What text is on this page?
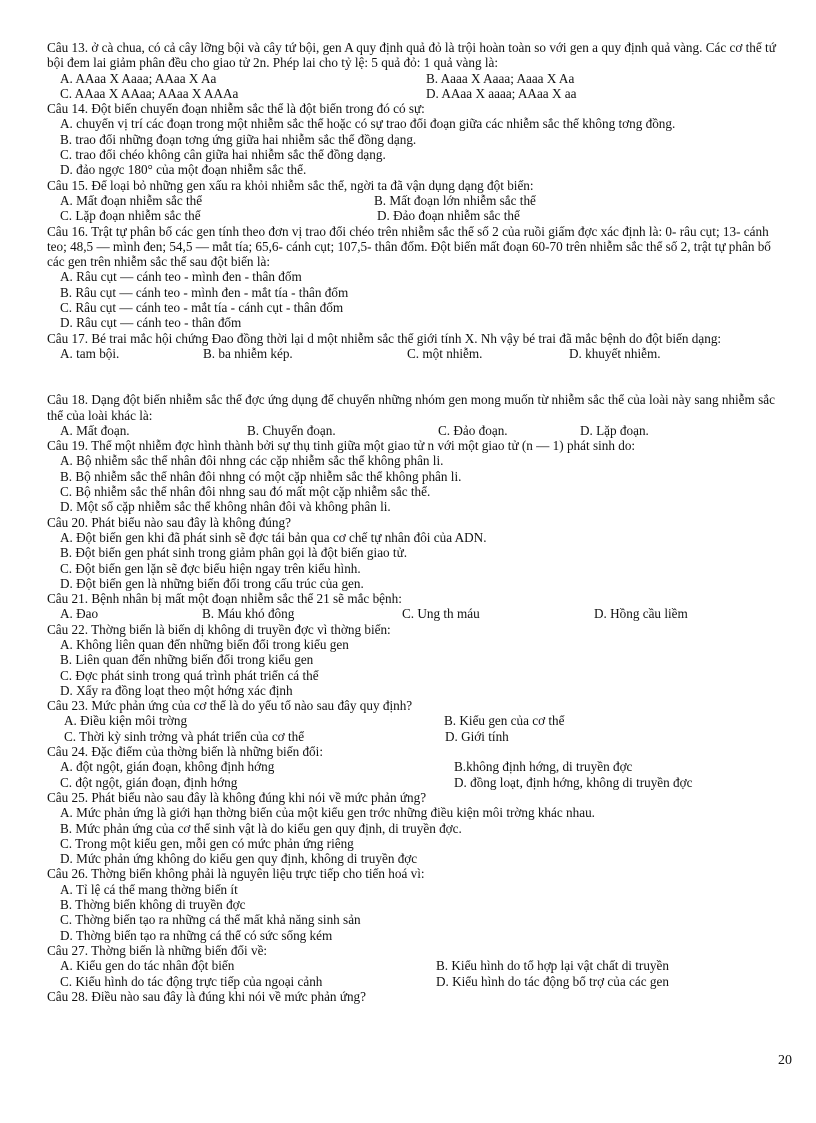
Câu 13. ở cà chua, có cả cây lỡng bội và cây tứ bội, gen A quy định quả đỏ là trội hoàn toàn so với gen a quy định quả vàng. Các cơ thể tứ bội đem lai giảm phân đều cho giao tử 2n. Phép lai cho tỷ lệ: 5 quả đỏ: 1 quả vàng là:
A. AAaa X Aaaa; AAaa X Aa	B. Aaaa X Aaaa; Aaaa X Aa
C. AAaa X AAaa; AAaa X AAAa	D. AAaa X aaaa; AAaa X aa
Câu 14. Đột biến chuyển đoạn nhiễm sắc thể là đột biến trong đó có sự:
A. chuyển vị trí các đoạn trong một nhiễm sắc thể hoặc có sự trao đổi đoạn giữa các nhiễm sắc thể không tơng đồng.
B. trao đổi những đoạn tơng ứng giữa hai nhiễm sắc thể đồng dạng.
C. trao đổi chéo không cân giữa hai nhiễm sắc thể đồng dạng.
D. đảo ngợc 180° của một đoạn nhiễm sắc thể.
Câu 15. Để loại bỏ những gen xấu ra khỏi nhiễm sắc thể, ngời ta đã vận dụng dạng đột biến:
A. Mất đoạn nhiễm sắc thể	B. Mất đoạn lớn nhiễm sắc thể
C. Lặp đoạn nhiễm sắc thể	D. Đảo đoạn nhiễm sắc thể
Câu 16. Trật tự phân bố các gen tính theo đơn vị trao đổi chéo trên nhiễm sắc thể số 2 của ruồi giấm đợc xác định là: 0- râu cụt; 13- cánh teo; 48,5 — mình đen; 54,5 — mắt tía; 65,6- cánh cụt; 107,5- thân đốm. Đột biến mất đoạn 60-70 trên nhiễm sắc thể số 2, trật tự phân bố các gen trên nhiễm sắc thể sau đột biến là:
A. Râu cụt — cánh teo - mình đen - thân đốm
B. Râu cụt — cánh teo - mình đen - mắt tía - thân đốm
C. Râu cụt — cánh teo - mắt tía - cánh cụt - thân đốm
D. Râu cụt — cánh teo - thân đốm
Câu 17. Bé trai mắc hội chứng Đao đồng thời lại d một nhiễm sắc thể giới tính X. Nh vậy bé trai đã mắc bệnh do đột biến dạng:
A. tam bội.	B. ba nhiễm kép.	C. một nhiễm.	D. khuyết nhiễm.
Câu 18. Dạng đột biến nhiễm sắc thể đợc ứng dụng để chuyển những nhóm gen mong muốn từ nhiễm sắc thể của loài này sang nhiễm sắc thể của loài khác là:
A. Mất đoạn.	B. Chuyển đoạn.	C. Đảo đoạn.	D. Lặp đoạn.
Câu 19. Thể một nhiễm đợc hình thành bởi sự thụ tinh giữa một giao tử n với một giao tử (n — 1) phát sinh do:
A. Bộ nhiễm sắc thể nhân đôi nhng các cặp nhiễm sắc thể không phân li.
B. Bộ nhiễm sắc thể nhân đôi nhng có một cặp nhiễm sắc thể không phân li.
C. Bộ nhiễm sắc thể nhân đôi nhng sau đó mất một cặp nhiễm sắc thể.
D. Một số cặp nhiễm sắc thể không nhân đôi và không phân li.
Câu 20. Phát biểu nào sau đây là không đúng?
A. Đột biến gen khi đã phát sinh sẽ đợc tái bản qua cơ chế tự nhân đôi của ADN.
B. Đột biến gen phát sinh trong giảm phân gọi là đột biến giao tử.
C. Đột biến gen lặn sẽ đợc biểu hiện ngay trên kiểu hình.
D. Đột biến gen là những biến đổi trong cấu trúc của gen.
Câu 21. Bệnh nhân bị mất một đoạn nhiễm sắc thể 21 sẽ mắc bệnh:
A. Đao	B. Máu khó đông	C. Ung th máu	D. Hồng cầu liềm
Câu 22. Thờng biến là biến dị không di truyền đợc vì thờng biến:
A. Không liên quan đến những biến đổi trong kiểu gen
B. Liên quan đến những biến đổi trong kiểu gen
C. Đợc phát sinh trong quá trình phát triển cá thể
D. Xẩy ra đồng loạt theo một hớng xác định
Câu 23. Mức phản ứng của cơ thể là do yếu tố nào sau đây quy định?
A. Điều kiện môi trờng	B. Kiểu gen của cơ thể
C. Thời kỳ sinh trởng và phát triển của cơ thể	D. Giới tính
Câu 24. Đặc điểm của thờng biến là những biến đổi:
A. đột ngột, gián đoạn, không định hớng	B.không định hớng, di truyền đợc
C. đột ngột, gián đoạn, định hớng	D. đồng loạt, định hớng, không di truyền đợc
Câu 25. Phát biểu nào sau đây là không đúng khi nói về mức phản ứng?
A. Mức phản ứng là giới hạn thờng biến của một kiểu gen trớc những điều kiện môi trờng khác nhau.
B. Mức phản ứng của cơ thể sinh vật là do kiểu gen quy định, di truyền đợc.
C. Trong một kiểu gen, mỗi gen có mức phản ứng riêng
D. Mức phản ứng không do kiểu gen quy định, không di truyền đợc
Câu 26. Thờng biến không phải là nguyên liệu trực tiếp cho tiến hoá vì:
A. Tỉ lệ cá thể mang thờng biến ít
B. Thờng biến không di truyền đợc
C. Thờng biến tạo ra những cá thể mất khả năng sinh sản
D. Thờng biến tạo ra những cá thể có sức sống kém
Câu 27. Thờng biến là những biến đổi về:
A. Kiểu gen do tác nhân đột biến	B. Kiểu hình do tổ hợp lại vật chất di truyền
C. Kiểu hình do tác động trực tiếp của ngoại cảnh	D. Kiểu hình do tác động bổ trợ của các gen
Câu 28. Điều nào sau đây là đúng khi nói về mức phản ứng?
20
